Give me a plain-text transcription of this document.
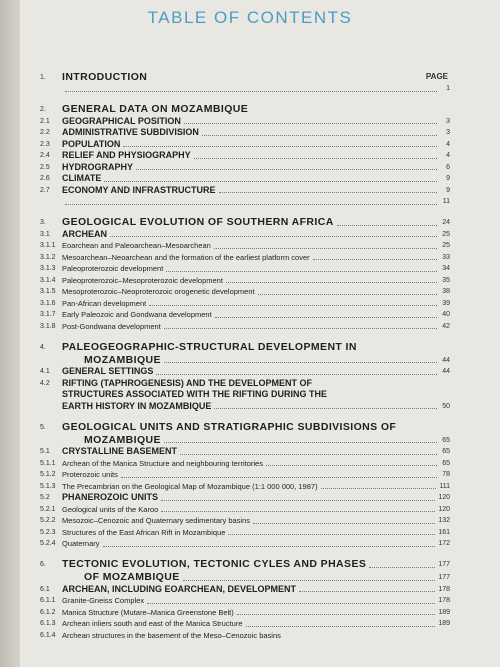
TABLE OF CONTENTS
PAGE
1.	INTRODUCTION
1
2.	GENERAL DATA ON MOZAMBIQUE
2.1	GEOGRAPHICAL POSITION	3
2.2	ADMINISTRATIVE SUBDIVISION	3
2.3	POPULATION	4
2.4	RELIEF AND PHYSIOGRAPHY	4
2.5	HYDROGRAPHY	6
2.6	CLIMATE	9
2.7	ECONOMY AND INFRASTRUCTURE	9
11
3.	GEOLOGICAL EVOLUTION OF SOUTHERN AFRICA	24
3.1	ARCHEAN	25
3.1.1 Eoarchean and Paleoarchean–Mesoarchean	25
3.1.2 Mesoarchean–Neoarchean and the formation of the earliest platform cover	33
3.1.3 Paleoproterozoic development	34
3.1.4 Paleoproterozoic–Mesoproterozoic development	35
3.1.5 Mesoproterozoic–Neoproterozoic orogenetic development	38
3.1.6 Pan-African development	39
3.1.7 Early Paleozoic and Gondwana development	40
3.1.8 Post-Gondwana development	42
4.	PALEOGEOGRAPHIC-STRUCTURAL DEVELOPMENT IN
MOZAMBIQUE	44
4.1	GENERAL SETTINGS	44
4.2	RIFTING (TAPHROGENESIS) AND THE DEVELOPMENT OF
STRUCTURES ASSOCIATED WITH THE RIFTING DURING THE
EARTH HISTORY IN MOZAMBIQUE	50
5.	GEOLOGICAL UNITS AND STRATIGRAPHIC SUBDIVISIONS OF
MOZAMBIQUE	65
5.1	CRYSTALLINE BASEMENT	65
5.1.1 Archean of the Manica Structure and neighbouring territories	65
5.1.2 Proterozoic units	78
5.1.3 The Precambrian on the Geological Map of Mozambique (1:1 000 000, 1987)	111
5.2	PHANEROZOIC UNITS	120
5.2.1 Geological units of the Karoo	120
5.2.2 Mesozoic–Cenozoic and Quaternary sedimentary basins	132
5.2.3 Structures of the East African Rift in Mozambique	161
5.2.4 Quaternary	172
6.	TECTONIC EVOLUTION, TECTONIC CYLES AND PHASES	177
OF MOZAMBIQUE	177
6.1	ARCHEAN, INCLUDING EOARCHEAN, DEVELOPMENT	178
6.1.1 Granite-Gneiss Complex	178
6.1.2 Manica Structure (Mutare–Manica Greenstone Belt)	189
6.1.3 Archean inliers south and east of the Manica Structure	189
6.1.4 Archean structures in the basement of the Meso–Cenozoic basins
